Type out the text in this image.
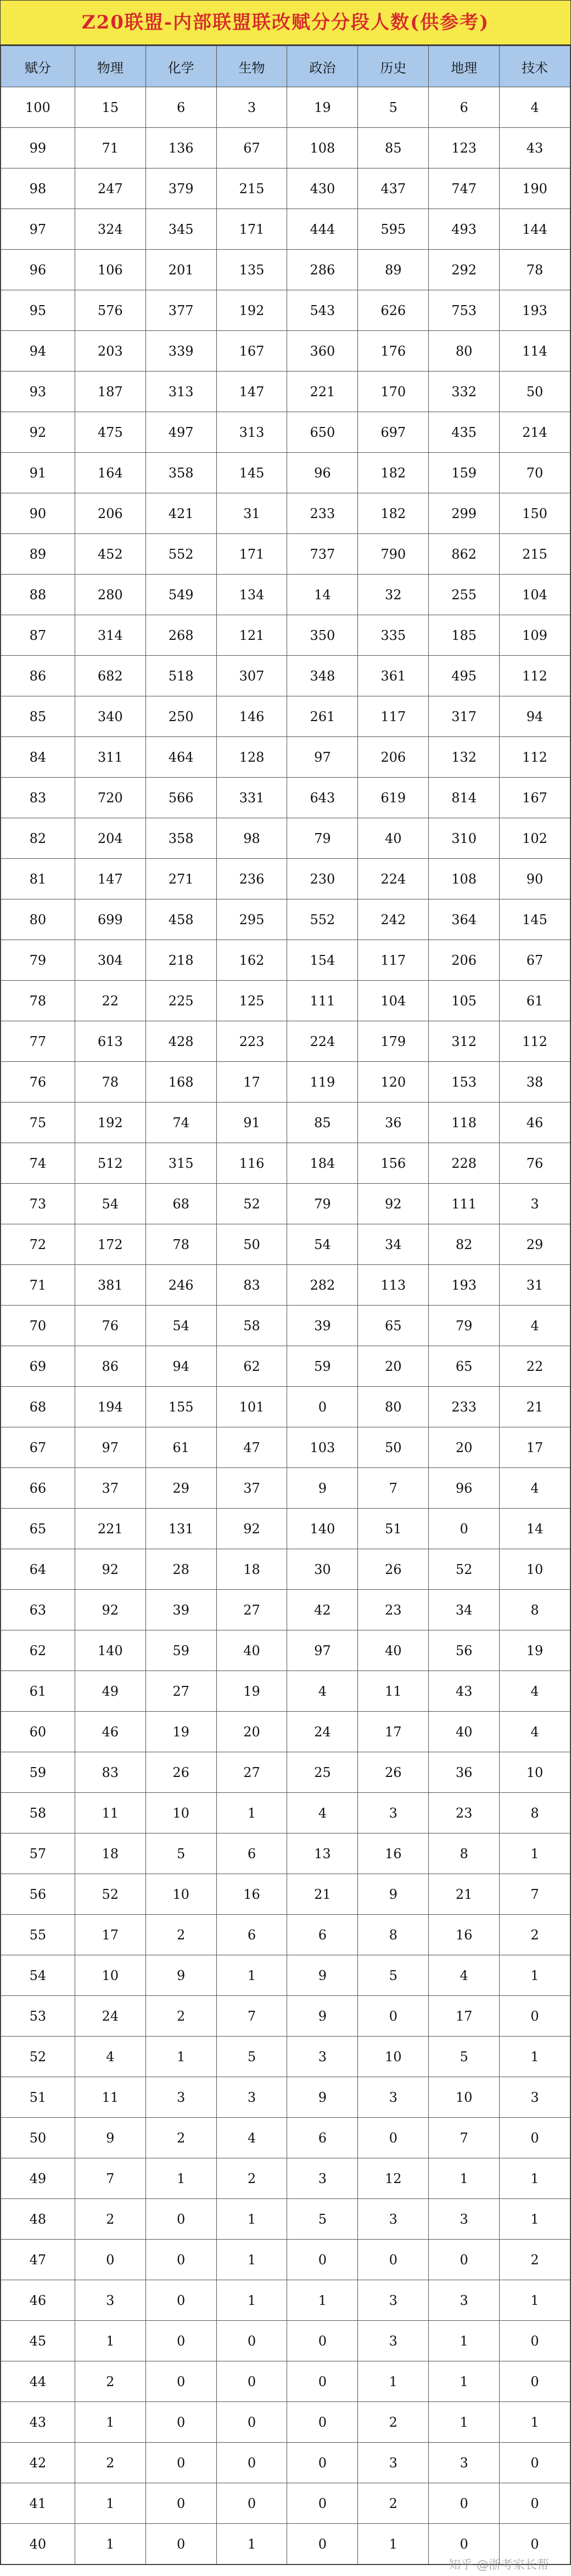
Z20联盟-内部联盟联改赋分分段人数(供参考)
赋分	物理	化学	生物	政治	历史	地理	技术
100	15	6	3	19	5	6	4
99	71	136	67	108	85	123	43
98	247	379	215	430	437	747	190
97	324	345	171	444	595	493	144
96	106	201	135	286	89	292	78
95	576	377	192	543	626	753	193
94	203	339	167	360	176	80	114
93	187	313	147	221	170	332	50
92	475	497	313	650	697	435	214
91	164	358	145	96	182	159	70
90	206	421	31	233	182	299	150
89	452	552	171	737	790	862	215
88	280	549	134	14	32	255	104
87	314	268	121	350	335	185	109
86	682	518	307	348	361	495	112
85	340	250	146	261	117	317	94
84	311	464	128	97	206	132	112
83	720	566	331	643	619	814	167
82	204	358	98	79	40	310	102
81	147	271	236	230	224	108	90
80	699	458	295	552	242	364	145
79	304	218	162	154	117	206	67
78	22	225	125	111	104	105	61
77	613	428	223	224	179	312	112
76	78	168	17	119	120	153	38
75	192	74	91	85	36	118	46
74	512	315	116	184	156	228	76
73	54	68	52	79	92	111	3
72	172	78	50	54	34	82	29
71	381	246	83	282	113	193	31
70	76	54	58	39	65	79	4
69	86	94	62	59	20	65	22
68	194	155	101	0	80	233	21
67	97	61	47	103	50	20	17
66	37	29	37	9	7	96	4
65	221	131	92	140	51	0	14
64	92	28	18	30	26	52	10
63	92	39	27	42	23	34	8
62	140	59	40	97	40	56	19
61	49	27	19	4	11	43	4
60	46	19	20	24	17	40	4
59	83	26	27	25	26	36	10
58	11	10	1	4	3	23	8
57	18	5	6	13	16	8	1
56	52	10	16	21	9	21	7
55	17	2	6	6	8	16	2
54	10	9	1	9	5	4	1
53	24	2	7	9	0	17	0
52	4	1	5	3	10	5	1
51	11	3	3	9	3	10	3
50	9	2	4	6	0	7	0
49	7	1	2	3	12	1	1
48	2	0	1	5	3	3	1
47	0	0	1	0	0	0	2
46	3	0	1	1	3	3	1
45	1	0	0	0	3	1	0
44	2	0	0	0	1	1	0
43	1	0	0	0	2	1	1
42	2	0	0	0	3	3	0
41	1	0	0	0	2	0	0
40	1	0	1	0	1	0	0
知乎 @浙考家长帮
